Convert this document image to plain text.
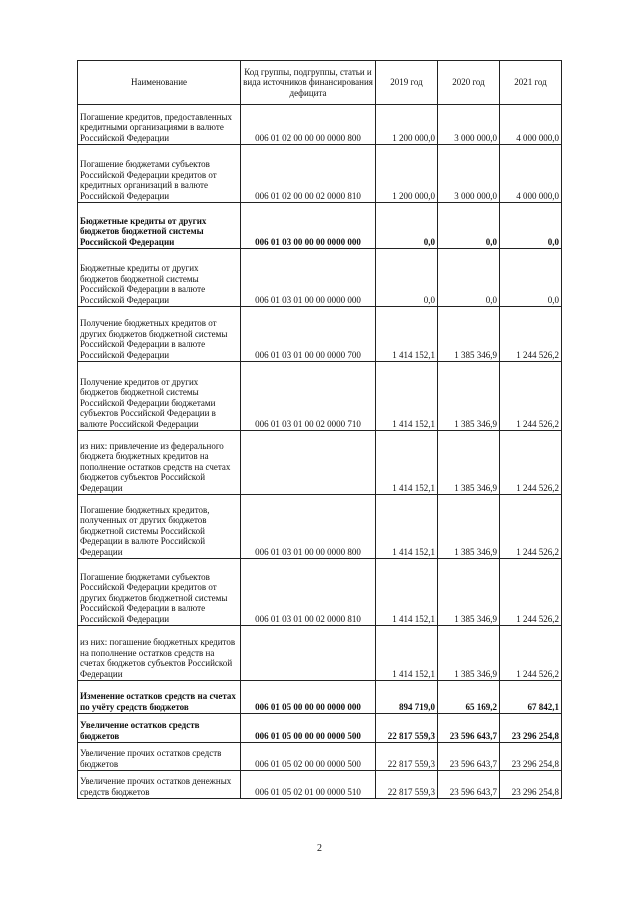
Наименование	Код группы, подгруппы, статьи и вида источников финансирования дефицита	2019 год	2020 год	2021 год
Погашение кредитов, предоставленных кредитными организациями в валюте Российской Федерации	006 01 02 00 00 00 0000 800	1 200 000,0	3 000 000,0	4 000 000,0
Погашение бюджетами субъектов Российской Федерации кредитов от кредитных организаций в валюте Российской Федерации	006 01 02 00 00 02 0000 810	1 200 000,0	3 000 000,0	4 000 000,0
Бюджетные кредиты от других бюджетов бюджетной системы Российской Федерации	006 01 03 00 00 00 0000 000	0,0	0,0	0,0
Бюджетные кредиты от других бюджетов бюджетной системы Российской Федерации в валюте Российской Федерации	006 01 03 01 00 00 0000 000	0,0	0,0	0,0
Получение бюджетных кредитов от других бюджетов бюджетной системы Российской Федерации в валюте Российской Федерации	006 01 03 01 00 00 0000 700	1 414 152,1	1 385 346,9	1 244 526,2
Получение кредитов от других бюджетов бюджетной системы Российской Федерации бюджетами субъектов Российской Федерации в валюте Российской Федерации	006 01 03 01 00 02 0000 710	1 414 152,1	1 385 346,9	1 244 526,2
из них: привлечение из федерального бюджета бюджетных кредитов на пополнение остатков средств на счетах бюджетов субъектов Российской Федерации		1 414 152,1	1 385 346,9	1 244 526,2
Погашение бюджетных кредитов, полученных от других бюджетов бюджетной системы Российской Федерации в валюте Российской Федерации	006 01 03 01 00 00 0000 800	1 414 152,1	1 385 346,9	1 244 526,2
Погашение бюджетами субъектов Российской Федерации кредитов от других бюджетов бюджетной системы Российской Федерации в валюте Российской Федерации	006 01 03 01 00 02 0000 810	1 414 152,1	1 385 346,9	1 244 526,2
из них: погашение бюджетных кредитов на пополнение остатков средств на счетах бюджетов субъектов Российской Федерации		1 414 152,1	1 385 346,9	1 244 526,2
Изменение остатков средств на счетах по учёту средств бюджетов	006 01 05 00 00 00 0000 000	894 719,0	65 169,2	67 842,1
Увеличение остатков средств бюджетов	006 01 05 00 00 00 0000 500	22 817 559,3	23 596 643,7	23 296 254,8
Увеличение прочих остатков средств бюджетов	006 01 05 02 00 00 0000 500	22 817 559,3	23 596 643,7	23 296 254,8
Увеличение прочих остатков денежных средств бюджетов	006 01 05 02 01 00 0000 510	22 817 559,3	23 596 643,7	23 296 254,8
2
